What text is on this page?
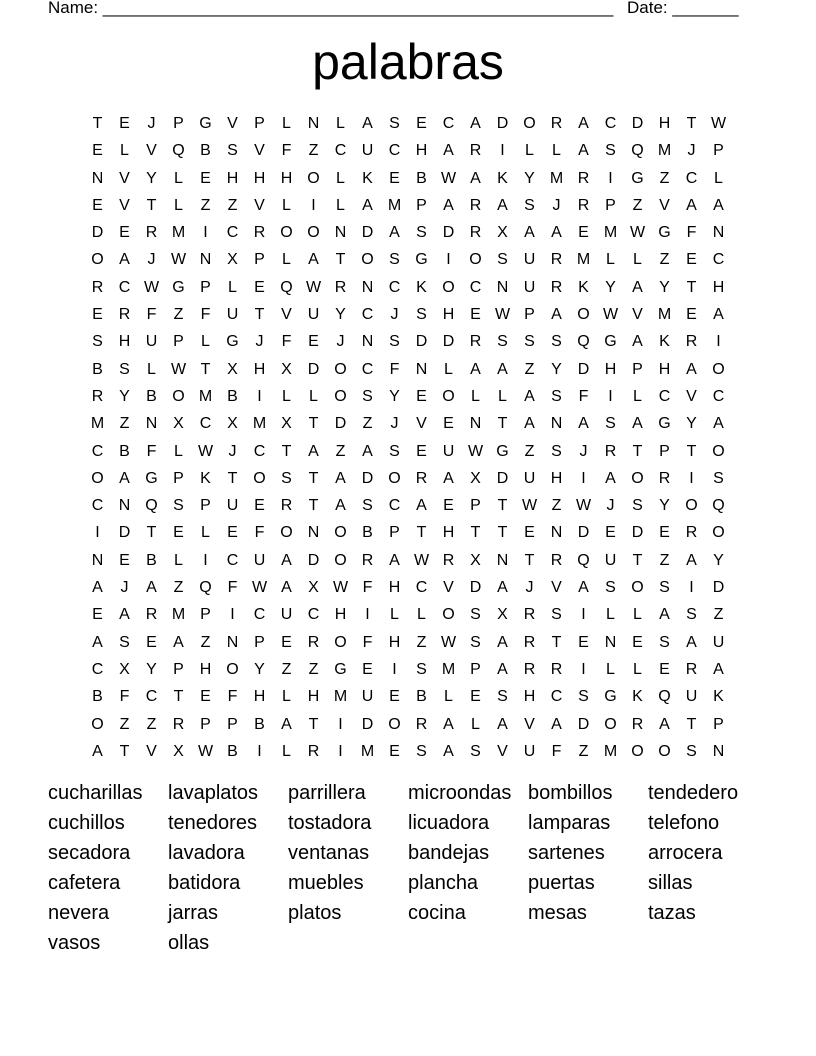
Name: ______________________________________________________ Date: _______
palabras
T	E	J	P G V	P	L	N	L	A	S	E C A D O R A C D H	T W
E	L	V Q B	S	V	F	Z	C U C H A R	I	L	L	A	S Q M	J	P
N V	Y	L	E H H H O	L	K	E	B W A	K	Y M R	I	G Z	C	L
E	V	T	L	Z	Z	V	L	I	L	A M P	A R A	S	J	R P	Z	V	A	A
D E R M	I	C R O O N D A	S D R X	A	A	E M W G F	N
O A	J W N X	P	L	A	T O S G	I	O S U R M L	L	Z	E C
R C W G P	L	E Q W R N C K O C N U R K	Y	A	Y	T	H
E R	F	Z	F	U	T	V U Y C	J	S H E W P	A O W V M E	A
S H U P	L	G	J	F	E	J	N S D D R S	S	S Q G A	K R	I
B	S	L W T	X H X D O C	F	N	L	A	A	Z	Y D H P H A O
R Y	B O M B	I	L	L	O S	Y	E O	L	L	A	S	F	I	L	C V C
M Z	N X C X M X	T	D	Z	J	V	E N	T	A N A	S	A G Y	A
C B	F	L W J	C	T	A	Z	A	S	E U W G Z	S	J	R	T	P	T O
O A G P	K	T O S	T	A D O R A	X D U H	I	A O R	I	S
C N Q S	P U E R	T	A	S C A	E	P	T W Z W J	S	Y O Q
I	D	T	E	L	E	F O N O B	P	T	H	T	T	E N D E D E R O
N E	B	L	I	C U A D O R A W R X N	T	R Q U	T	Z	A	Y
A	J	A	Z Q F W A	X W F	H C V D A	J	V	A	S O S	I	D
E	A R M P	I	C U C H	I	L	L	O S	X R S	I	L	L	A	S	Z
A	S	E	A	Z	N P	E R O F	H	Z W S	A R	T	E N E	S	A U
C X	Y	P H O Y	Z	Z G E	I	S M P	A R R	I	L	L	E R A
B	F	C	T	E	F	H	L	H M U E	B	L	E	S H C S G K Q U K
O Z	Z	R P	P	B	A	T	I	D O R A	L	A	V	A D O R A	T	P
A	T	V	X W B	I	L	R	I	M E	S	A	S	V U	F	Z M O O S N
cucharillas	lavaplatos	parrillera	microondas bombillos	tendedero
cuchillos	tenedores	tostadora	licuadora	lamparas	telefono
secadora	lavadora	ventanas	bandejas	sartenes	arrocera
cafetera	batidora	muebles	plancha	puertas	sillas
nevera	jarras	platos	cocina	mesas	tazas
vasos	ollas
